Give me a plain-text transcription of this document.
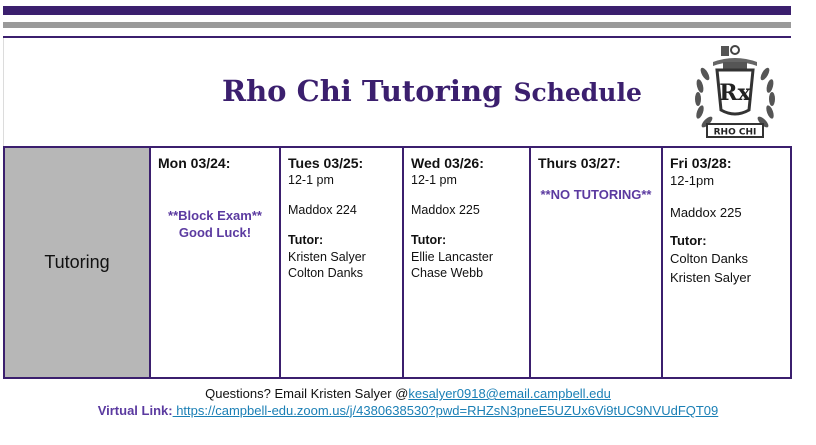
Rho Chi Tutoring Schedule	Rx
RHO CHI
Tutoring

Mon 03/24:

**Block Exam**
Good Luck!

Tues 03/25:

12-1 pm

Maddox 224

Tutor:

Kristen Salyer

Colton Danks

Wed 03/26:

12-1 pm

Maddox 225

Tutor:

Ellie Lancaster

Chase Webb

Thurs 03/27:

**NO TUTORING**

Fri 03/28:

12-1pm

Maddox 225

Tutor:

Colton Danks

Kristen Salyer

Questions? Email Kristen Salyer @kesalyer0918@email.campbell.edu
Virtual Link: https://campbell-edu.zoom.us/j/4380638530?pwd=RHZsN3pneE5UZUx6Vi9tUC9NVUdFQT09
